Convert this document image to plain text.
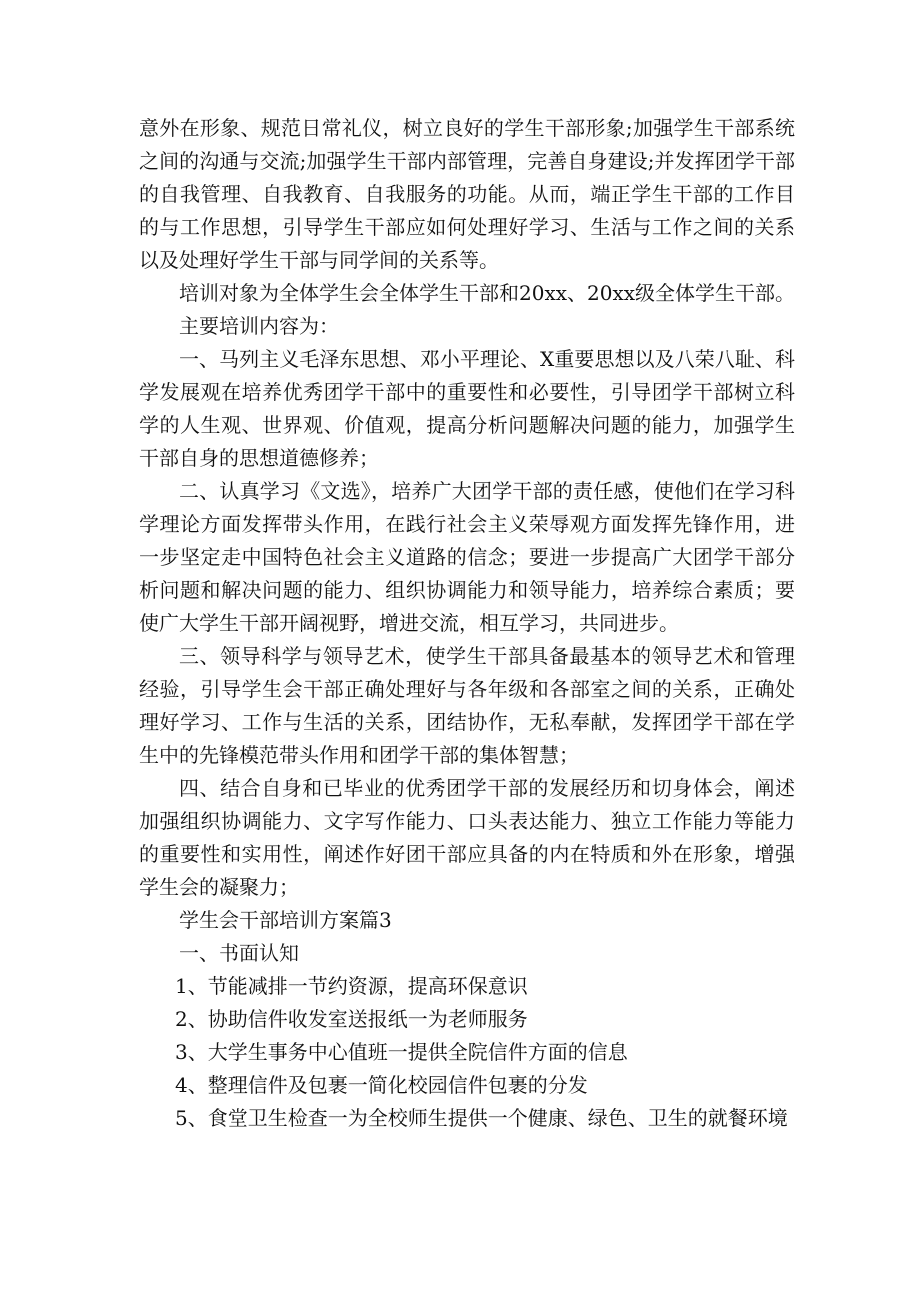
意外在形象、规范日常礼仪，树立良好的学生干部形象;加强学生干部系统之间的沟通与交流;加强学生干部内部管理，完善自身建设;并发挥团学干部的自我管理、自我教育、自我服务的功能。从而，端正学生干部的工作目的与工作思想，引导学生干部应如何处理好学习、生活与工作之间的关系以及处理好学生干部与同学间的关系等。

培训对象为全体学生会全体学生干部和20xx、20xx级全体学生干部。

主要培训内容为：

一、马列主义毛泽东思想、邓小平理论、X重要思想以及八荣八耻、科学发展观在培养优秀团学干部中的重要性和必要性，引导团学干部树立科学的人生观、世界观、价值观，提高分析问题解决问题的能力，加强学生干部自身的思想道德修养；

二、认真学习《文选》，培养广大团学干部的责任感，使他们在学习科学理论方面发挥带头作用，在践行社会主义荣辱观方面发挥先锋作用，进一步坚定走中国特色社会主义道路的信念；要进一步提高广大团学干部分析问题和解决问题的能力、组织协调能力和领导能力，培养综合素质；要使广大学生干部开阔视野，增进交流，相互学习，共同进步。

三、领导科学与领导艺术，使学生干部具备最基本的领导艺术和管理经验，引导学生会干部正确处理好与各年级和各部室之间的关系，正确处理好学习、工作与生活的关系，团结协作，无私奉献，发挥团学干部在学生中的先锋模范带头作用和团学干部的集体智慧；

四、结合自身和已毕业的优秀团学干部的发展经历和切身体会，阐述加强组织协调能力、文字写作能力、口头表达能力、独立工作能力等能力的重要性和实用性，阐述作好团干部应具备的内在特质和外在形象，增强学生会的凝聚力；

学生会干部培训方案篇3

一、书面认知

1、节能减排一节约资源，提高环保意识

2、协助信件收发室送报纸一为老师服务

3、大学生事务中心值班一提供全院信件方面的信息

4、整理信件及包裹一简化校园信件包裹的分发

5、食堂卫生检查一为全校师生提供一个健康、绿色、卫生的就餐环境
